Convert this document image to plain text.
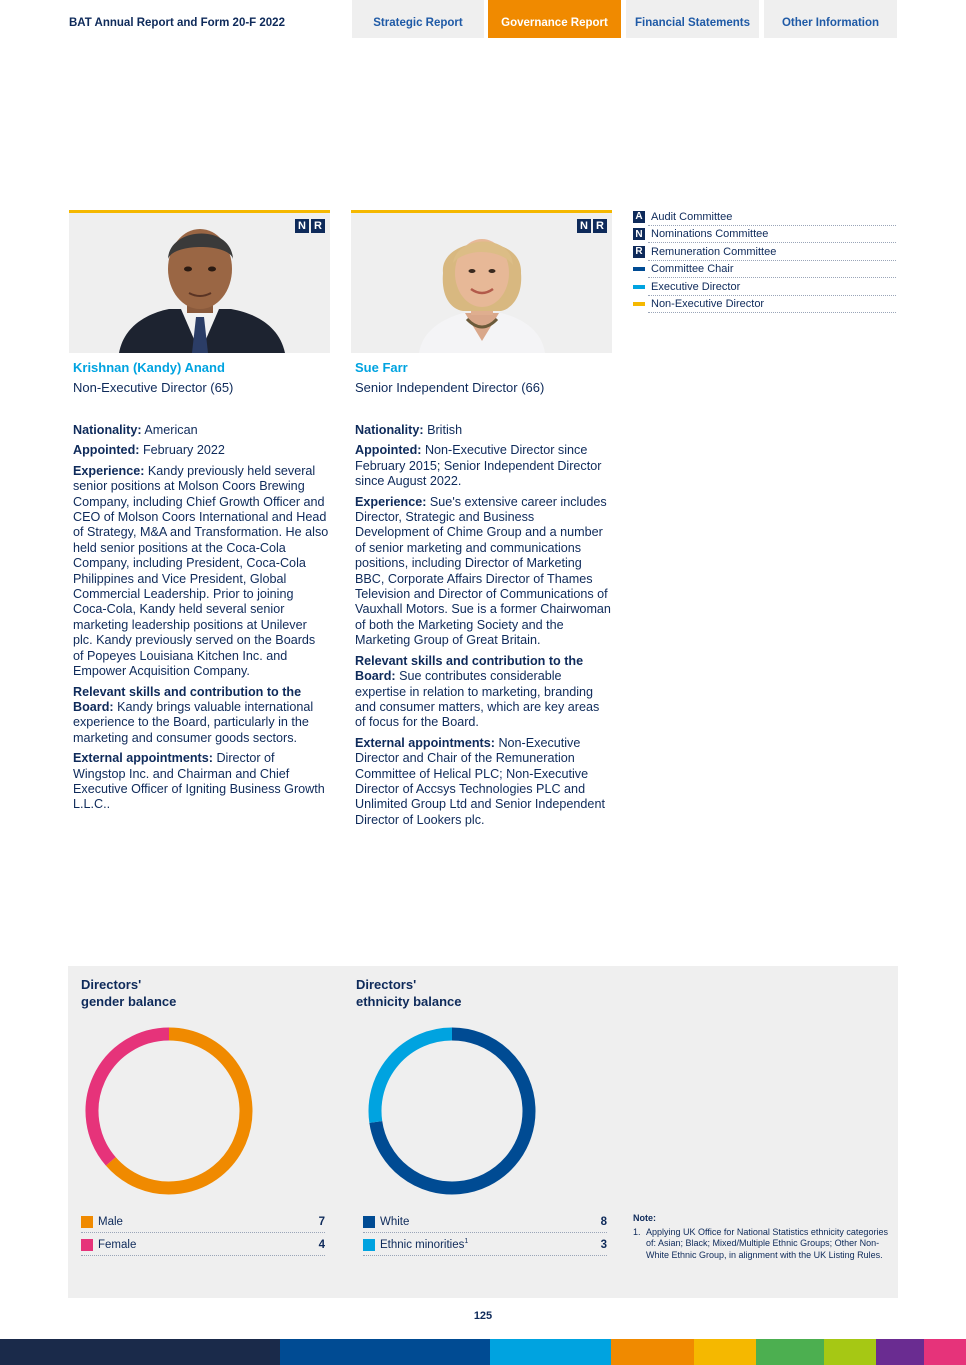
BAT Annual Report and Form 20-F 2022	Strategic Report	Governance Report	Financial Statements	Other Information
N R
Krishnan (Kandy) Anand
Non-Executive Director (65)

Nationality: American

Appointed: February 2022

Experience: Kandy previously held several senior positions at Molson Coors Brewing Company, including Chief Growth Officer and CEO of Molson Coors International and Head of Strategy, M&A and Transformation. He also held senior positions at the Coca-Cola Company, including President, Coca-Cola Philippines and Vice President, Global Commercial Leadership. Prior to joining Coca-Cola, Kandy held several senior marketing leadership positions at Unilever plc. Kandy previously served on the Boards of Popeyes Louisiana Kitchen Inc. and Empower Acquisition Company.

Relevant skills and contribution to the Board: Kandy brings valuable international experience to the Board, particularly in the marketing and consumer goods sectors.

External appointments: Director of Wingstop Inc. and Chairman and Chief Executive Officer of Igniting Business Growth L.L.C..

N R
Sue Farr
Senior Independent Director (66)

Nationality: British

Appointed: Non-Executive Director since February 2015; Senior Independent Director since August 2022.

Experience: Sue's extensive career includes Director, Strategic and Business Development of Chime Group and a number of senior marketing and communications positions, including Director of Marketing BBC, Corporate Affairs Director of Thames Television and Director of Communications of Vauxhall Motors. Sue is a former Chairwoman of both the Marketing Society and the Marketing Group of Great Britain.

Relevant skills and contribution to the Board: Sue contributes considerable expertise in relation to marketing, branding and consumer matters, which are key areas of focus for the Board.

External appointments: Non-Executive Director and Chair of the Remuneration Committee of Helical PLC; Non-Executive Director of Accsys Technologies PLC and Unlimited Group Ltd and Senior Independent Director of Lookers plc.

A Audit Committee
N Nominations Committee
R Remuneration Committee
Committee Chair
Executive Director
Non-Executive Director
Directors'
gender balance
Directors'
ethnicity balance
Male	7
Female	4
White	8
Ethnic minorities$^1$	3
Note:
1. Applying UK Office for National Statistics ethnicity categories of: Asian; Black; Mixed/Multiple Ethnic Groups; Other Non-White Ethnic Group, in alignment with the UK Listing Rules.
125
